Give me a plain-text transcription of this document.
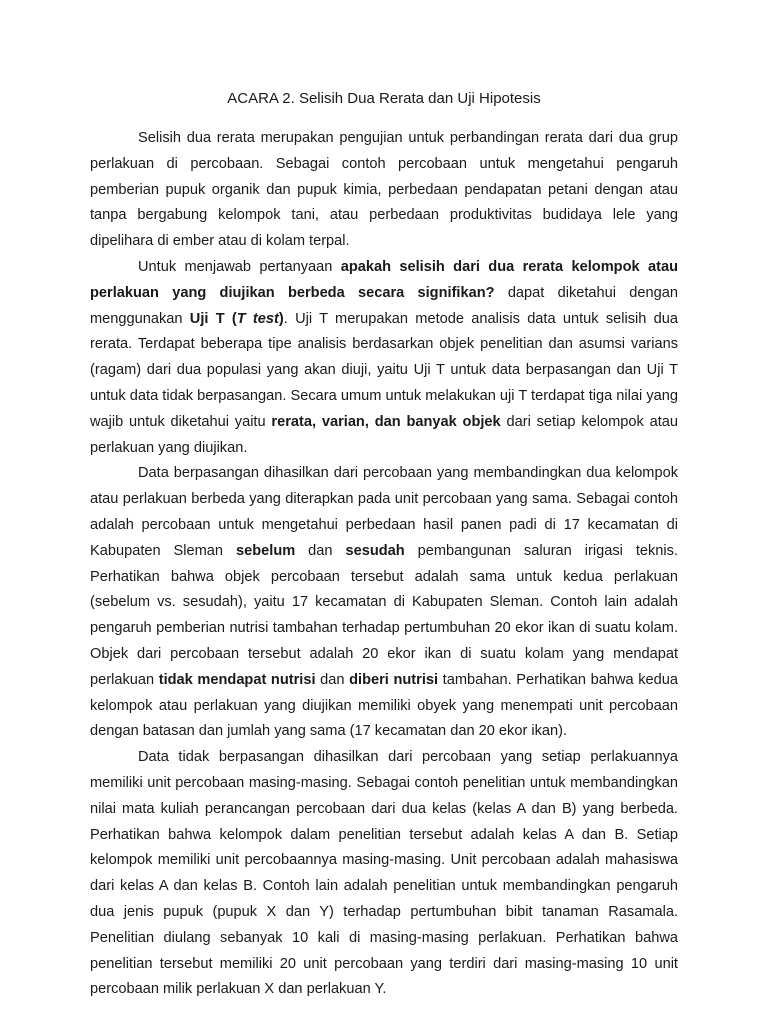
ACARA 2. Selisih Dua Rerata dan Uji Hipotesis

Selisih dua rerata merupakan pengujian untuk perbandingan rerata dari dua grup perlakuan di percobaan. Sebagai contoh percobaan untuk mengetahui pengaruh pemberian pupuk organik dan pupuk kimia, perbedaan pendapatan petani dengan atau tanpa bergabung kelompok tani, atau perbedaan produktivitas budidaya lele yang dipelihara di ember atau di kolam terpal.

Untuk menjawab pertanyaan apakah selisih dari dua rerata kelompok atau perlakuan yang diujikan berbeda secara signifikan? dapat diketahui dengan menggunakan Uji T (T test). Uji T merupakan metode analisis data untuk selisih dua rerata. Terdapat beberapa tipe analisis berdasarkan objek penelitian dan asumsi varians (ragam) dari dua populasi yang akan diuji, yaitu Uji T untuk data berpasangan dan Uji T untuk data tidak berpasangan. Secara umum untuk melakukan uji T terdapat tiga nilai yang wajib untuk diketahui yaitu rerata, varian, dan banyak objek dari setiap kelompok atau perlakuan yang diujikan.

Data berpasangan dihasilkan dari percobaan yang membandingkan dua kelompok atau perlakuan berbeda yang diterapkan pada unit percobaan yang sama. Sebagai contoh adalah percobaan untuk mengetahui perbedaan hasil panen padi di 17 kecamatan di Kabupaten Sleman sebelum dan sesudah pembangunan saluran irigasi teknis. Perhatikan bahwa objek percobaan tersebut adalah sama untuk kedua perlakuan (sebelum vs. sesudah), yaitu 17 kecamatan di Kabupaten Sleman. Contoh lain adalah pengaruh pemberian nutrisi tambahan terhadap pertumbuhan 20 ekor ikan di suatu kolam. Objek dari percobaan tersebut adalah 20 ekor ikan di suatu kolam yang mendapat perlakuan tidak mendapat nutrisi dan diberi nutrisi tambahan. Perhatikan bahwa kedua kelompok atau perlakuan yang diujikan memiliki obyek yang menempati unit percobaan dengan batasan dan jumlah yang sama (17 kecamatan dan 20 ekor ikan).

Data tidak berpasangan dihasilkan dari percobaan yang setiap perlakuannya memiliki unit percobaan masing-masing. Sebagai contoh penelitian untuk membandingkan nilai mata kuliah perancangan percobaan dari dua kelas (kelas A dan B) yang berbeda. Perhatikan bahwa kelompok dalam penelitian tersebut adalah kelas A dan B. Setiap kelompok memiliki unit percobaannya masing-masing. Unit percobaan adalah mahasiswa dari kelas A dan kelas B. Contoh lain adalah penelitian untuk membandingkan pengaruh dua jenis pupuk (pupuk X dan Y) terhadap pertumbuhan bibit tanaman Rasamala. Penelitian diulang sebanyak 10 kali di masing-masing perlakuan. Perhatikan bahwa penelitian tersebut memiliki 20 unit percobaan yang terdiri dari masing-masing 10 unit percobaan milik perlakuan X dan perlakuan Y.
